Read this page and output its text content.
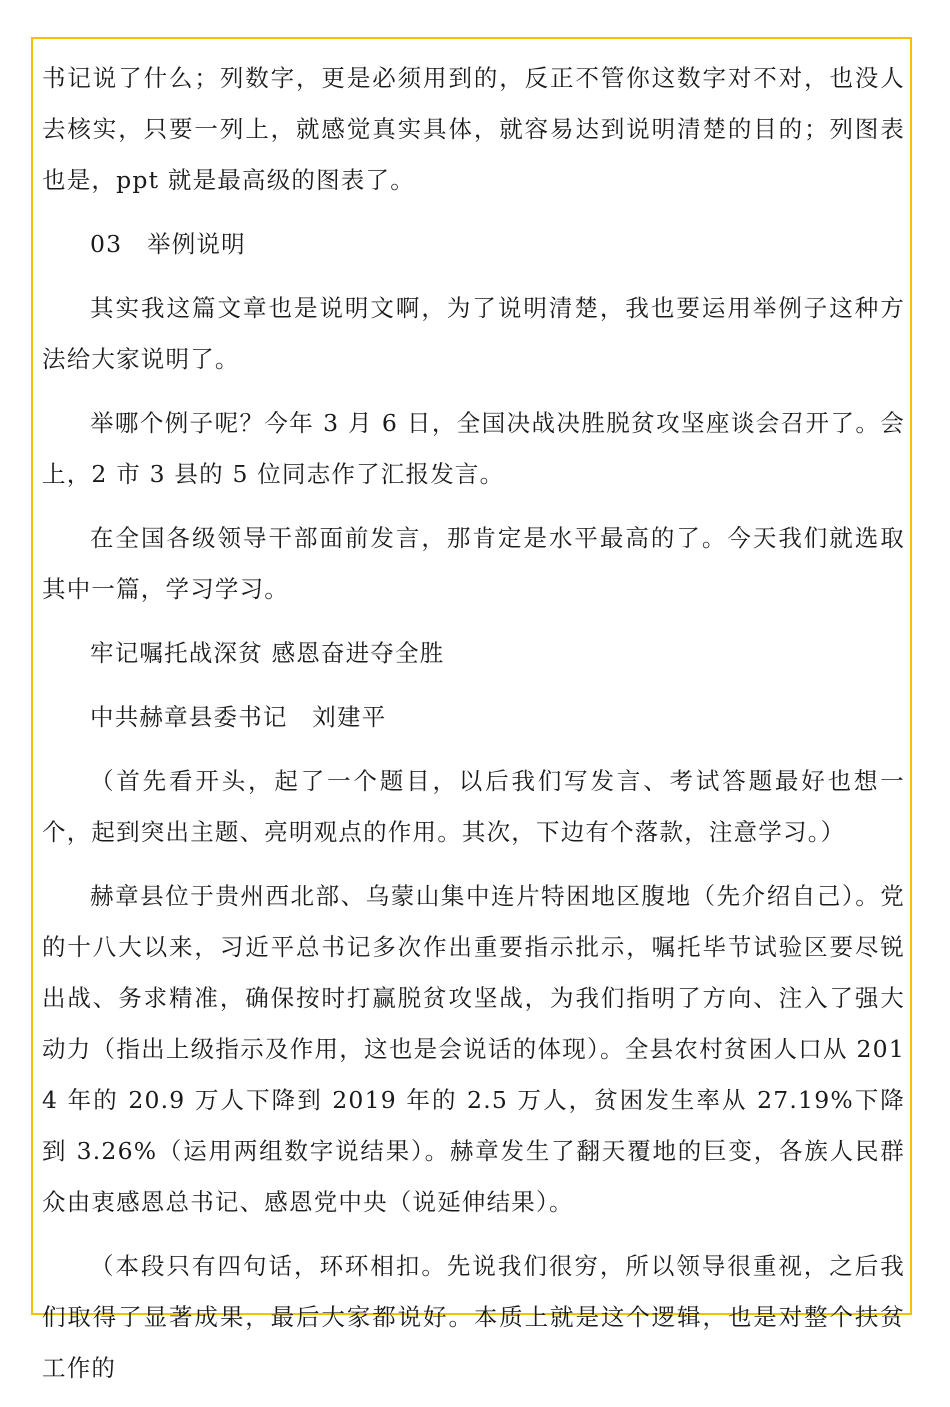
书记说了什么；列数字，更是必须用到的，反正不管你这数字对不对，也没人去核实，只要一列上，就感觉真实具体，就容易达到说明清楚的目的；列图表也是，ppt 就是最高级的图表了。

03　举例说明

其实我这篇文章也是说明文啊，为了说明清楚，我也要运用举例子这种方法给大家说明了。

举哪个例子呢？今年 3 月 6 日，全国决战决胜脱贫攻坚座谈会召开了。会上，2 市 3 县的 5 位同志作了汇报发言。

在全国各级领导干部面前发言，那肯定是水平最高的了。今天我们就选取其中一篇，学习学习。

牢记嘱托战深贫 感恩奋进夺全胜

中共赫章县委书记　刘建平

（首先看开头，起了一个题目，以后我们写发言、考试答题最好也想一个，起到突出主题、亮明观点的作用。其次，下边有个落款，注意学习。）

赫章县位于贵州西北部、乌蒙山集中连片特困地区腹地（先介绍自己）。党的十八大以来，习近平总书记多次作出重要指示批示，嘱托毕节试验区要尽锐出战、务求精准，确保按时打赢脱贫攻坚战，为我们指明了方向、注入了强大动力（指出上级指示及作用，这也是会说话的体现）。全县农村贫困人口从 2014 年的 20.9 万人下降到 2019 年的 2.5 万人，贫困发生率从 27.19%下降到 3.26%（运用两组数字说结果）。赫章发生了翻天覆地的巨变，各族人民群众由衷感恩总书记、感恩党中央（说延伸结果）。

（本段只有四句话，环环相扣。先说我们很穷，所以领导很重视，之后我们取得了显著成果，最后大家都说好。本质上就是这个逻辑，也是对整个扶贫工作的
